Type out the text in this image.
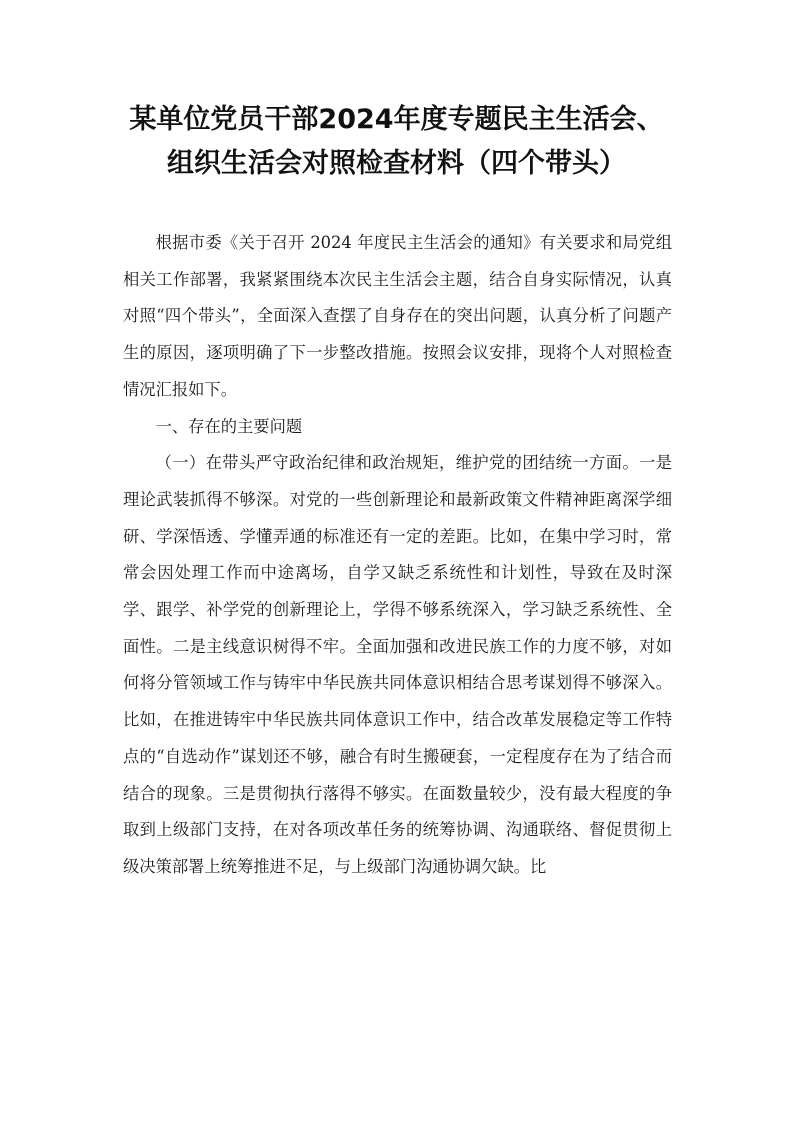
某单位党员干部2024年度专题民主生活会、
组织生活会对照检查材料（四个带头）

根据市委《关于召开 2024 年度民主生活会的通知》有关要求和局党组相关工作部署，我紧紧围绕本次民主生活会主题，结合自身实际情况，认真对照“四个带头”，全面深入查摆了自身存在的突出问题，认真分析了问题产生的原因，逐项明确了下一步整改措施。按照会议安排，现将个人对照检查情况汇报如下。

一、存在的主要问题

（一）在带头严守政治纪律和政治规矩，维护党的团结统一方面。一是理论武装抓得不够深。对党的一些创新理论和最新政策文件精神距离深学细研、学深悟透、学懂弄通的标准还有一定的差距。比如，在集中学习时，常常会因处理工作而中途离场，自学又缺乏系统性和计划性，导致在及时深学、跟学、补学党的创新理论上，学得不够系统深入，学习缺乏系统性、全面性。二是主线意识树得不牢。全面加强和改进民族工作的力度不够，对如何将分管领域工作与铸牢中华民族共同体意识相结合思考谋划得不够深入。比如，在推进铸牢中华民族共同体意识工作中，结合改革发展稳定等工作特点的“自选动作”谋划还不够，融合有时生搬硬套，一定程度存在为了结合而结合的现象。三是贯彻执行落得不够实。在面数量较少，没有最大程度的争取到上级部门支持，在对各项改革任务的统筹协调、沟通联络、督促贯彻上级决策部署上统筹推进不足，与上级部门沟通协调欠缺。比
